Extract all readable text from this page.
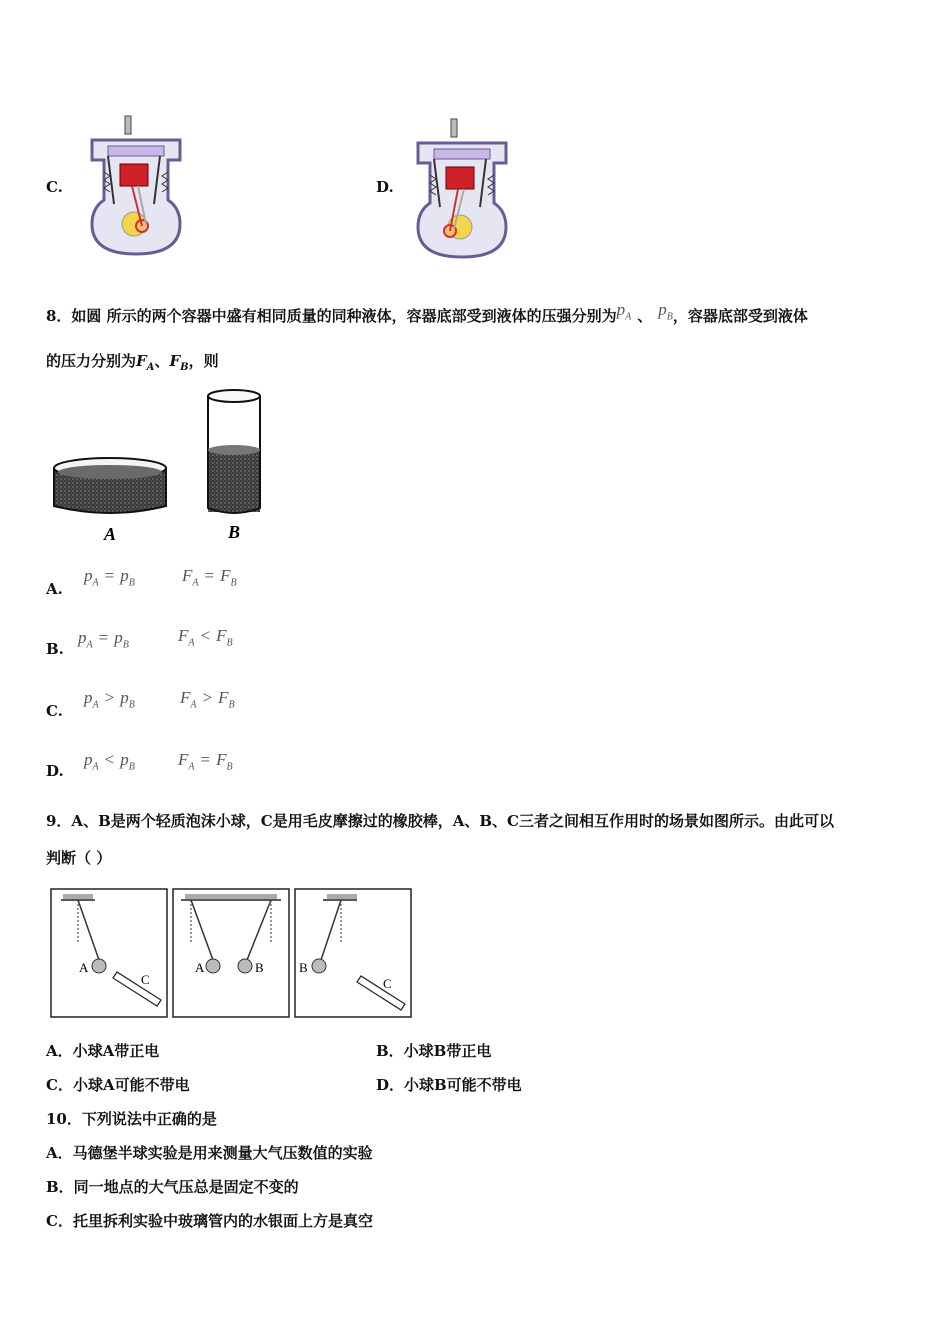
C.	D.
8．如圆 所示的两个容器中盛有相同质量的同种液体，容器底部受到液体的压强分别为$p_A$ 、 $p_B$，容器底部受到液体
的压力分别为$F_A$、$F_B$，则
A	B
A.
$p_A = p_B$	$F_A = F_B$
B.
$p_A = p_B$	$F_A < F_B$
C.
$p_A > p_B$	$F_A > F_B$
D.
$p_A < p_B$	$F_A = F_B$
9．A、B是两个轻质泡沫小球，C是用毛皮摩擦过的橡胶棒，A、B、C三者之间相互作用时的场景如图所示。由此可以
判断（ ）
A
C
A	B	B
C
A．小球A带正电	B．小球B带正电
C．小球A可能不带电	D．小球B可能不带电
10．下列说法中正确的是
A．马德堡半球实验是用来测量大气压数值的实验
B．同一地点的大气压总是固定不变的
C．托里拆利实验中玻璃管内的水银面上方是真空
